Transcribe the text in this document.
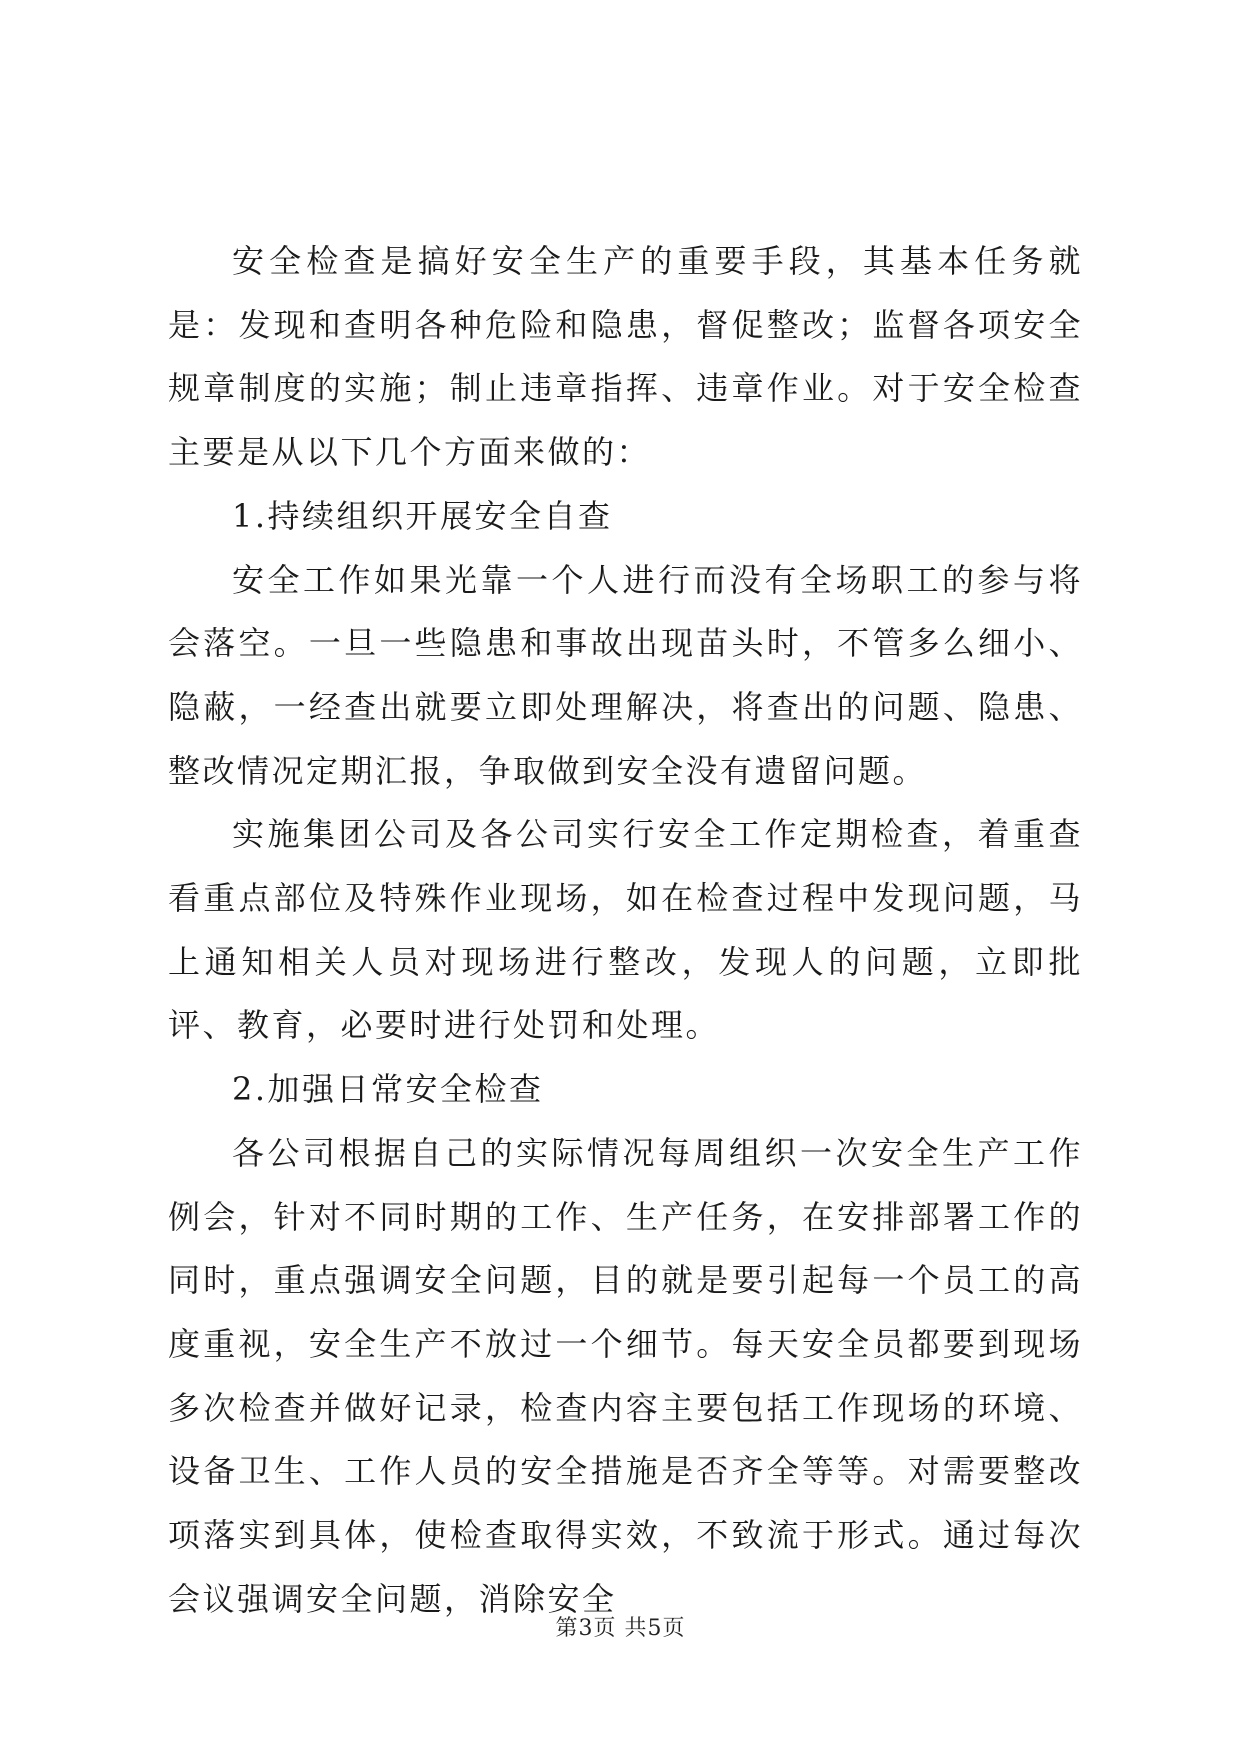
安全检查是搞好安全生产的重要手段，其基本任务就是：发现和查明各种危险和隐患，督促整改；监督各项安全规章制度的实施；制止违章指挥、违章作业。对于安全检查主要是从以下几个方面来做的：

1.持续组织开展安全自查

安全工作如果光靠一个人进行而没有全场职工的参与将会落空。一旦一些隐患和事故出现苗头时，不管多么细小、隐蔽，一经查出就要立即处理解决，将查出的问题、隐患、整改情况定期汇报，争取做到安全没有遗留问题。

实施集团公司及各公司实行安全工作定期检查，着重查看重点部位及特殊作业现场，如在检查过程中发现问题，马上通知相关人员对现场进行整改，发现人的问题，立即批评、教育，必要时进行处罚和处理。

2.加强日常安全检查

各公司根据自己的实际情况每周组织一次安全生产工作例会，针对不同时期的工作、生产任务，在安排部署工作的同时，重点强调安全问题，目的就是要引起每一个员工的高度重视，安全生产不放过一个细节。每天安全员都要到现场多次检查并做好记录，检查内容主要包括工作现场的环境、设备卫生、工作人员的安全措施是否齐全等等。对需要整改项落实到具体，使检查取得实效，不致流于形式。通过每次会议强调安全问题，消除安全

第3页 共5页
